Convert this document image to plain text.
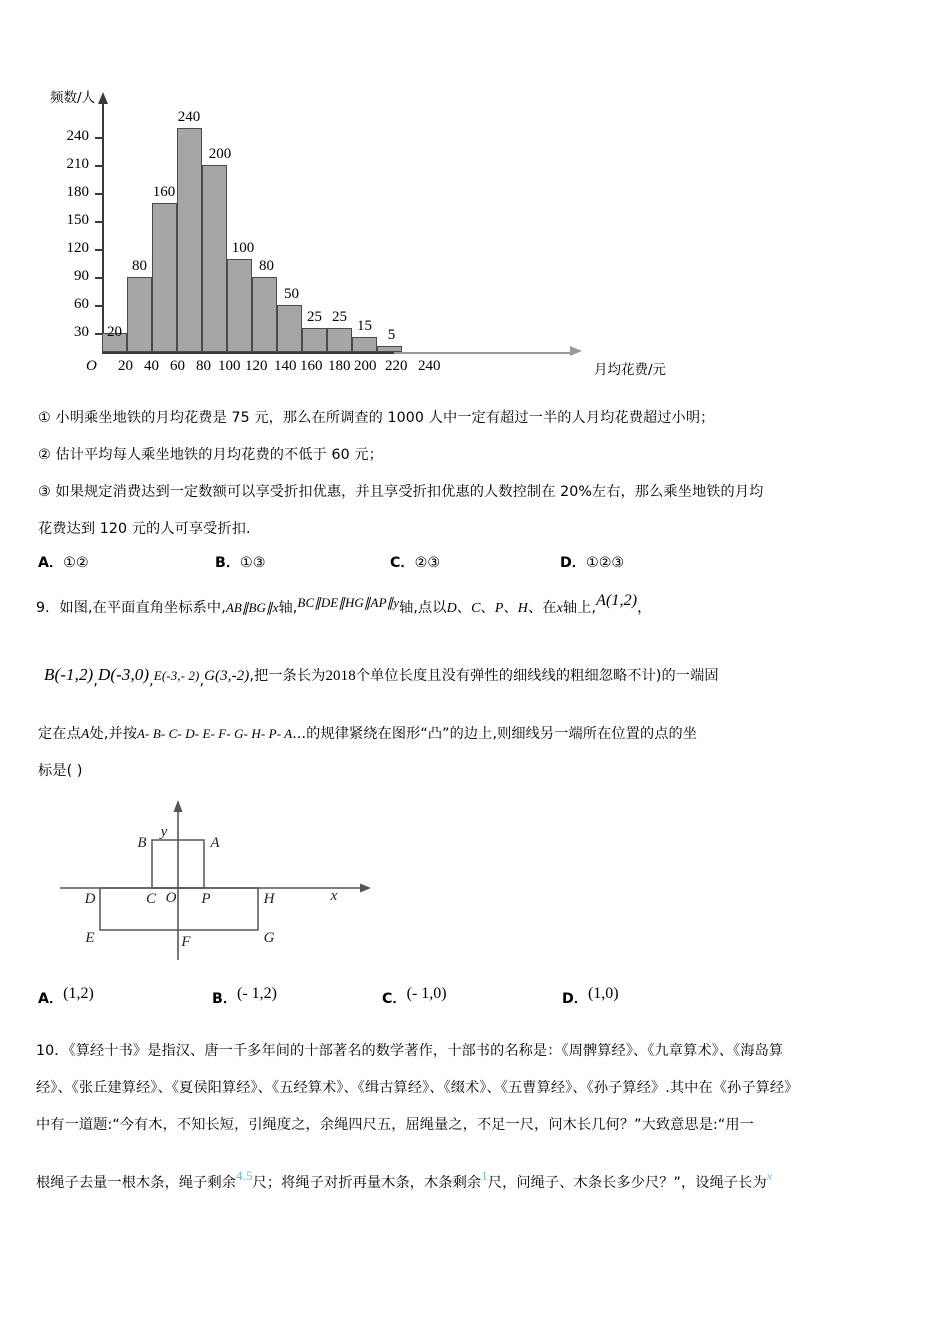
频数/人
O
30
60
90
120
150
180
210
240
20
80
160
240
200
100
80
50
25 25
15
5
20 40 60 80 100 120 140 160 180 200 220 240	月均花费/元
① 小明乘坐地铁的月均花费是 75 元，那么在所调查的 1000 人中一定有超过一半的人月均花费超过小明；
② 估计平均每人乘坐地铁的月均花费的不低于 60 元；
③ 如果规定消费达到一定数额可以享受折扣优惠，并且享受折扣优惠的人数控制在 20%左右，那么乘坐地铁的月均
花费达到 120 元的人可享受折扣.
A．①②	B．①③	C．②③	D．①②③
9．如图,在平面直角坐标系中,AB∥BG∥x轴,BC∥DE∥HG∥AP∥y轴,点以D、C、P、H、在x轴上,A(1,2)，
B(-1,2),D(-3,0),E(-3,- 2),G(3,-2),把一条长为2018个单位长度且没有弹性的细线线的粗细忽略不计)的一端固
定在点A处,并按A- B- C- D- E- F- G- H- P- A...的规律紧绕在图形“凸”的边上,则细线另一端所在位置的点的坐
标是( )
y
B	A
D	C O P	H	x
E	F	G
A．(1,2)	B．(- 1,2)	C．(- 1,0)	D．(1,0)
10．《算经十书》是指汉、唐一千多年间的十部著名的数学著作，十部书的名称是：《周髀算经》、《九章算术》、《海岛算
经》、《张丘建算经》、《夏侯阳算经》、《五经算术》、《缉古算经》、《缀术》、《五曹算经》、《孙子算经》.其中在《孙子算经》
中有一道题:“今有木，不知长短，引绳度之，余绳四尺五，屈绳量之，不足一尺，问木长几何？”大致意思是:“用一
根绳子去量一根木条，绳子剩余4.5尺；将绳子对折再量木条，木条剩余1尺，问绳子、木条长多少尺？”，设绳子长为$^x$
